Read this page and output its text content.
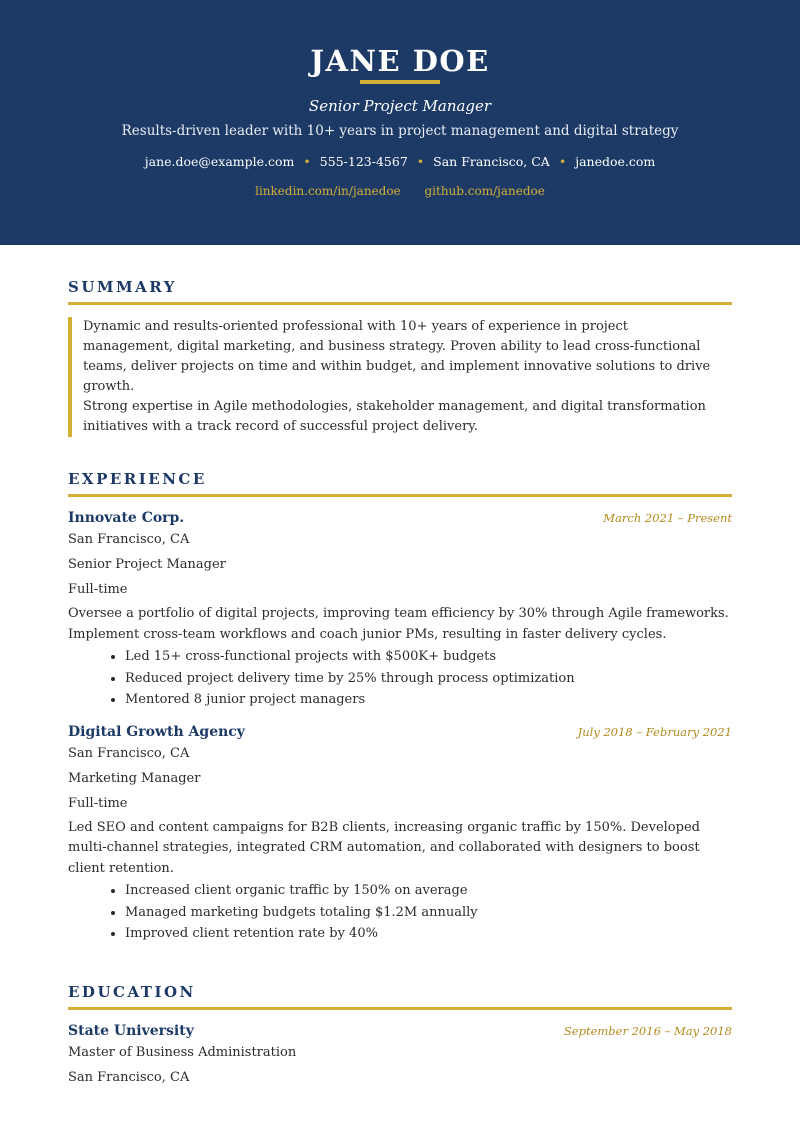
JANE DOE
Senior Project Manager
Results-driven leader with 10+ years in project management and digital strategy
jane.doe@example.com • 555-123-4567 • San Francisco, CA • janedoe.com
linkedin.com/in/janedoe github.com/janedoe
SUMMARY

Dynamic and results-oriented professional with 10+ years of experience in project management, digital marketing, and business strategy. Proven ability to lead cross-functional teams, deliver projects on time and within budget, and implement innovative solutions to drive growth.

Strong expertise in Agile methodologies, stakeholder management, and digital transformation initiatives with a track record of successful project delivery.

EXPERIENCE
Innovate Corp.	March 2021 – Present
San Francisco, CA
Senior Project Manager
Full-time
Oversee a portfolio of digital projects, improving team efficiency by 30% through Agile frameworks. Implement cross-team workflows and coach junior PMs, resulting in faster delivery cycles.
• Led 15+ cross-functional projects with $500K+ budgets
• Reduced project delivery time by 25% through process optimization
• Mentored 8 junior project managers
Digital Growth Agency	July 2018 – February 2021
San Francisco, CA
Marketing Manager
Full-time
Led SEO and content campaigns for B2B clients, increasing organic traffic by 150%. Developed multi-channel strategies, integrated CRM automation, and collaborated with designers to boost client retention.
• Increased client organic traffic by 150% on average
• Managed marketing budgets totaling $1.2M annually
• Improved client retention rate by 40%
EDUCATION
State University	September 2016 – May 2018
Master of Business Administration
San Francisco, CA
